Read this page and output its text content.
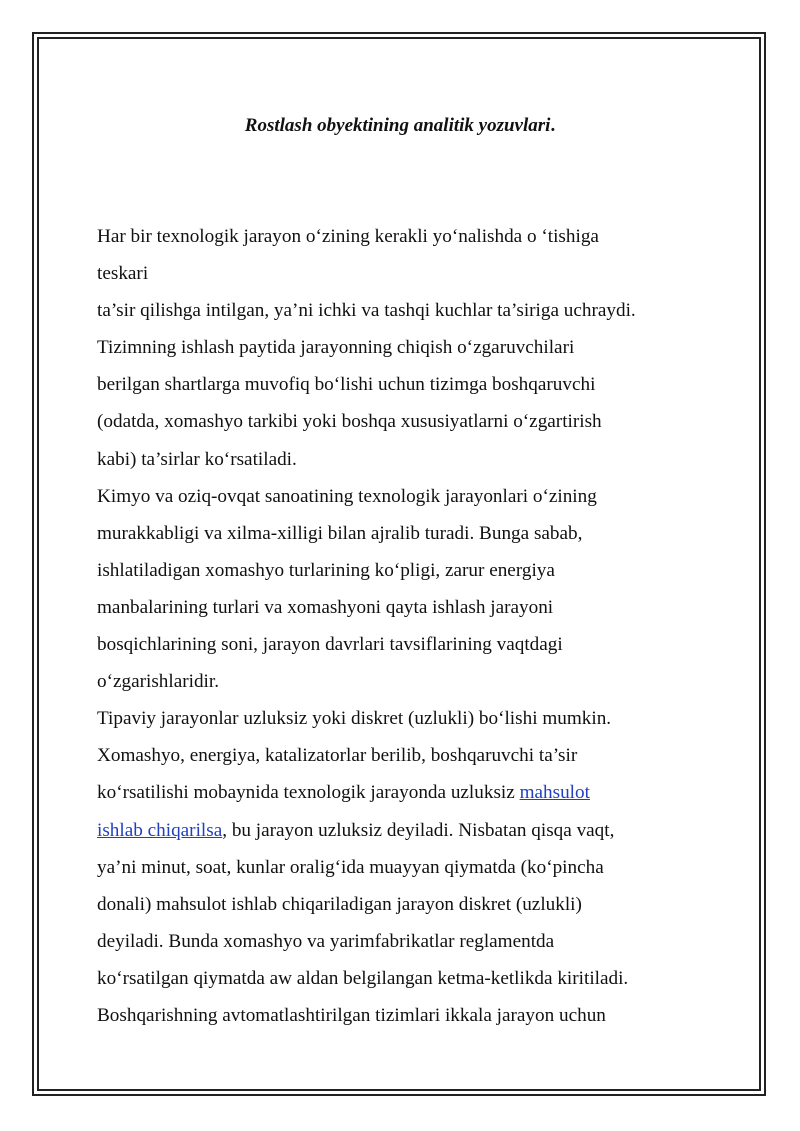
Rostlash obyektining analitik yozuvlari.
Har bir texnologik jarayon o‘zining kerakli yo‘nalishda o ‘tishiga
teskari
ta’sir qilishga intilgan, ya’ni ichki va tashqi kuchlar ta’siriga uchraydi.
Tizimning ishlash paytida jarayonning chiqish o‘zgaruvchilari
berilgan shartlarga muvofiq bo‘lishi uchun tizimga boshqaruvchi
(odatda, xomashyo tarkibi yoki boshqa xususiyatlarni o‘zgartirish
kabi) ta’sirlar ko‘rsatiladi.
Kimyo va oziq-ovqat sanoatining texnologik jarayonlari o‘zining
murakkabligi va xilma-xilligi bilan ajralib turadi. Bunga sabab,
ishlatiladigan xomashyo turlarining ko‘pligi, zarur energiya
manbalarining turlari va xomashyoni qayta ishlash jarayoni
bosqichlarining soni, jarayon davrlari tavsiflarining vaqtdagi
o‘zgarishlaridir.
Tipaviy jarayonlar uzluksiz yoki diskret (uzlukli) bo‘lishi mumkin.
Xomashyo, energiya, katalizatorlar berilib, boshqaruvchi ta’sir
ko‘rsatilishi mobaynida texnologik jarayonda uzluksiz mahsulot
ishlab chiqarilsa, bu jarayon uzluksiz deyiladi. Nisbatan qisqa vaqt,
ya’ni minut, soat, kunlar oralig‘ida muayyan qiymatda (ko‘pincha
donali) mahsulot ishlab chiqariladigan jarayon diskret (uzlukli)
deyiladi. Bunda xomashyo va yarimfabrikatlar reglamentda
ko‘rsatilgan qiymatda aw aldan belgilangan ketma-ketlikda kiritiladi.
Boshqarishning avtomatlashtirilgan tizimlari ikkala jarayon uchun
